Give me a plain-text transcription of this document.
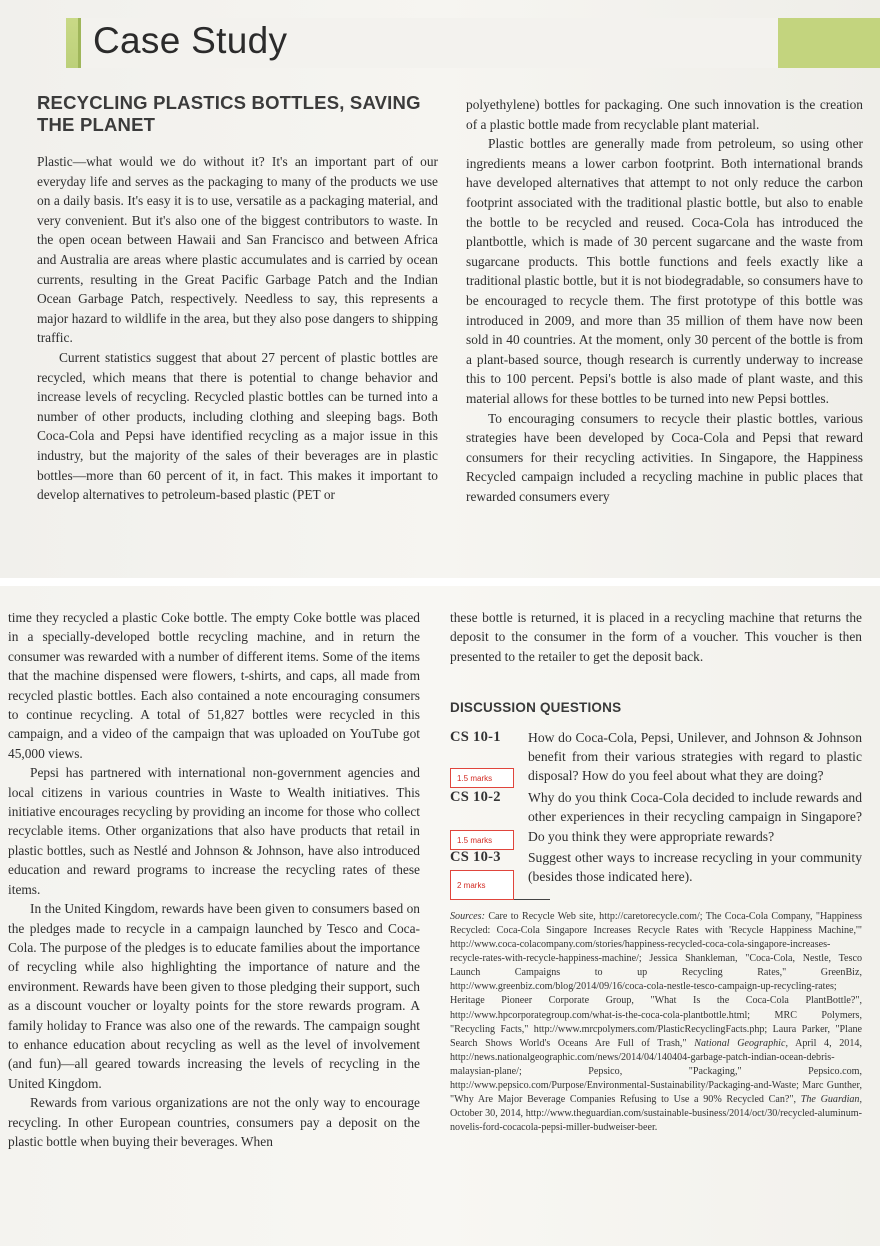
Case Study
RECYCLING PLASTICS BOTTLES, SAVING THE PLANET

Plastic—what would we do without it? It's an important part of our everyday life and serves as the packaging to many of the products we use on a daily basis. It's easy it is to use, versatile as a packaging material, and very convenient. But it's also one of the biggest contributors to waste. In the open ocean between Hawaii and San Francisco and between Africa and Australia are areas where plastic accumulates and is carried by ocean currents, resulting in the Great Pacific Garbage Patch and the Indian Ocean Garbage Patch, respectively. Needless to say, this represents a major hazard to wildlife in the area, but they also pose dangers to shipping traffic.

Current statistics suggest that about 27 percent of plastic bottles are recycled, which means that there is potential to change behavior and increase levels of recycling. Recycled plastic bottles can be turned into a number of other products, including clothing and sleeping bags. Both Coca-Cola and Pepsi have identified recycling as a major issue in this industry, but the majority of the sales of their beverages are in plastic bottles—more than 60 percent of it, in fact. This makes it important to develop alternatives to petroleum-based plastic (PET or

polyethylene) bottles for packaging. One such innovation is the creation of a plastic bottle made from recyclable plant material.

Plastic bottles are generally made from petroleum, so using other ingredients means a lower carbon footprint. Both international brands have developed alternatives that attempt to not only reduce the carbon footprint associated with the traditional plastic bottle, but also to enable the bottle to be recycled and reused. Coca-Cola has introduced the plantbottle, which is made of 30 percent sugarcane and the waste from sugarcane products. This bottle functions and feels exactly like a traditional plastic bottle, but it is not biodegradable, so consumers have to be encouraged to recycle them. The first prototype of this bottle was introduced in 2009, and more than 35 million of them have now been sold in 40 countries. At the moment, only 30 percent of the bottle is from a plant-based source, though research is currently underway to increase this to 100 percent. Pepsi's bottle is also made of plant waste, and this material allows for these bottles to be turned into new Pepsi bottles.

To encouraging consumers to recycle their plastic bottles, various strategies have been developed by Coca-Cola and Pepsi that reward consumers for their recycling activities. In Singapore, the Happiness Recycled campaign included a recycling machine in public places that rewarded consumers every

time they recycled a plastic Coke bottle. The empty Coke bottle was placed in a specially-developed bottle recycling machine, and in return the consumer was rewarded with a number of different items. Some of the items that the machine dispensed were flowers, t-shirts, and caps, all made from recycled plastic bottles. Each also contained a note encouraging consumers to continue recycling. A total of 51,827 bottles were recycled in this campaign, and a video of the campaign that was uploaded on YouTube got 45,000 views.

Pepsi has partnered with international non-government agencies and local citizens in various countries in Waste to Wealth initiatives. This initiative encourages recycling by providing an income for those who collect recyclable items. Other organizations that also have products that retail in plastic bottles, such as Nestlé and Johnson & Johnson, have also introduced education and reward programs to increase the recycling rates of these items.

In the United Kingdom, rewards have been given to consumers based on the pledges made to recycle in a campaign launched by Tesco and Coca-Cola. The purpose of the pledges is to educate families about the importance of recycling while also highlighting the importance of nature and the environment. Rewards have been given to those pledging their support, such as a discount voucher or loyalty points for the store rewards program. A family holiday to France was also one of the rewards. The campaign sought to enhance education about recycling as well as the level of involvement (and fun)—all geared towards increasing the levels of recycling in the United Kingdom.

Rewards from various organizations are not the only way to encourage recycling. In other European countries, consumers pay a deposit on the plastic bottle when buying their beverages. When

these bottle is returned, it is placed in a recycling machine that returns the deposit to the consumer in the form of a voucher. This voucher is then presented to the retailer to get the deposit back.

DISCUSSION QUESTIONS
CS 10-1	How do Coca-Cola, Pepsi, Unilever, and Johnson & Johnson benefit from their various strategies with regard to plastic disposal? How do you feel about what they are doing?
1.5 marks
CS 10-2	Why do you think Coca-Cola decided to include rewards and other experiences in their recycling campaign in Singapore? Do you think they were appropriate rewards?
1.5 marks
CS 10-3	Suggest other ways to increase recycling in your community (besides those indicated here).
2 marks
Sources: Care to Recycle Web site, http://caretorecycle.com/; The Coca-Cola Company, "Happiness Recycled: Coca-Cola Singapore Increases Recycle Rates with 'Recycle Happiness Machine,'" http://www.coca-colacompany.com/stories/happiness-recycled-coca-cola-singapore-increases-recycle-rates-with-recycle-happiness-machine/; Jessica Shankleman, "Coca-Cola, Nestle, Tesco Launch Campaigns to up Recycling Rates," GreenBiz, http://www.greenbiz.com/blog/2014/09/16/coca-cola-nestle-tesco-campaign-up-recycling-rates; Heritage Pioneer Corporate Group, "What Is the Coca-Cola PlantBottle?", http://www.hpcorporategroup.com/what-is-the-coca-cola-plantbottle.html; MRC Polymers, "Recycling Facts," http://www.mrcpolymers.com/PlasticRecyclingFacts.php; Laura Parker, "Plane Search Shows World's Oceans Are Full of Trash," National Geographic, April 4, 2014, http://news.nationalgeographic.com/news/2014/04/140404-garbage-patch-indian-ocean-debris-malaysian-plane/; Pepsico, "Packaging," Pepsico.com, http://www.pepsico.com/Purpose/Environmental-Sustainability/Packaging-and-Waste; Marc Gunther, "Why Are Major Beverage Companies Refusing to Use a 90% Recycled Can?", The Guardian, October 30, 2014, http://www.theguardian.com/sustainable-business/2014/oct/30/recycled-aluminum-novelis-ford-cocacola-pepsi-miller-budweiser-beer.
